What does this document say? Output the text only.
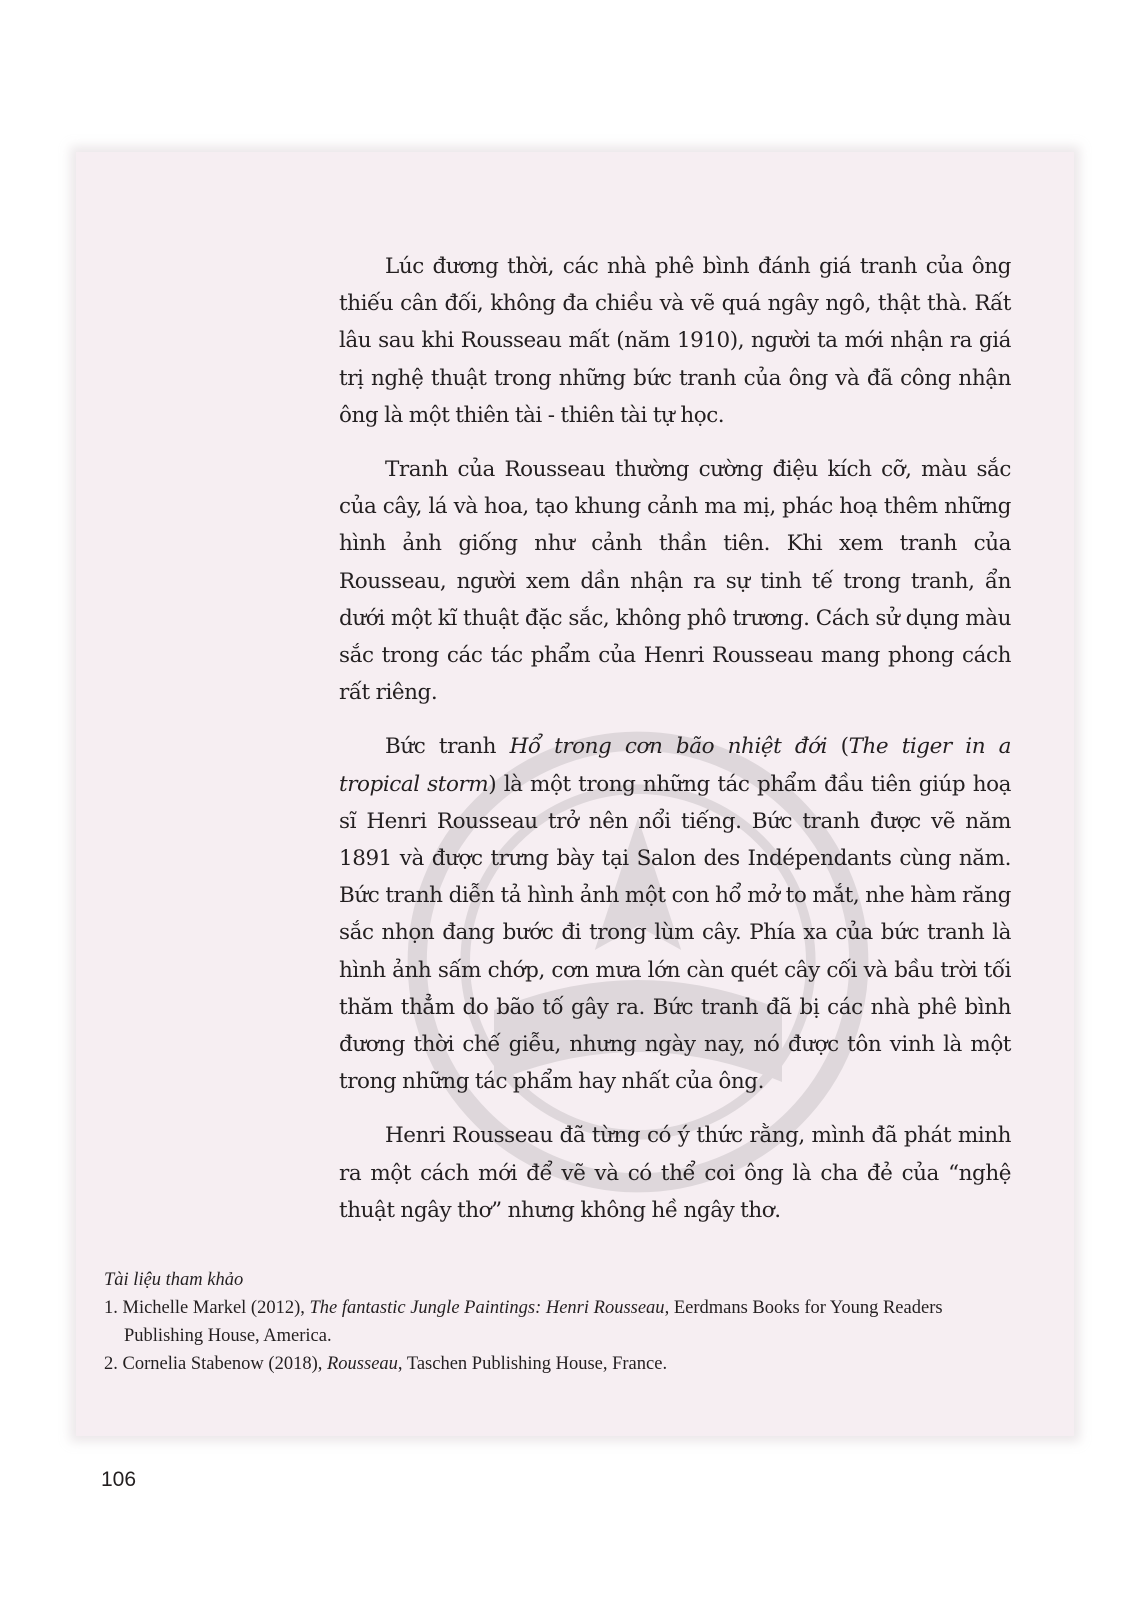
Lúc đương thời, các nhà phê bình đánh giá tranh của ông thiếu cân đối, không đa chiều và vẽ quá ngây ngô, thật thà. Rất lâu sau khi Rousseau mất (năm 1910), người ta mới nhận ra giá trị nghệ thuật trong những bức tranh của ông và đã công nhận ông là một thiên tài - thiên tài tự học.

Tranh của Rousseau thường cường điệu kích cỡ, màu sắc của cây, lá và hoa, tạo khung cảnh ma mị, phác hoạ thêm những hình ảnh giống như cảnh thần tiên. Khi xem tranh của Rousseau, người xem dần nhận ra sự tinh tế trong tranh, ẩn dưới một kĩ thuật đặc sắc, không phô trương. Cách sử dụng màu sắc trong các tác phẩm của Henri Rousseau mang phong cách rất riêng.

Bức tranh Hổ trong cơn bão nhiệt đới (The tiger in a tropical storm) là một trong những tác phẩm đầu tiên giúp hoạ sĩ Henri Rousseau trở nên nổi tiếng. Bức tranh được vẽ năm 1891 và được trưng bày tại Salon des Indépendants cùng năm. Bức tranh diễn tả hình ảnh một con hổ mở to mắt, nhe hàm răng sắc nhọn đang bước đi trong lùm cây. Phía xa của bức tranh là hình ảnh sấm chớp, cơn mưa lớn càn quét cây cối và bầu trời tối thăm thẳm do bão tố gây ra. Bức tranh đã bị các nhà phê bình đương thời chế giễu, nhưng ngày nay, nó được tôn vinh là một trong những tác phẩm hay nhất của ông.

Henri Rousseau đã từng có ý thức rằng, mình đã phát minh ra một cách mới để vẽ và có thể coi ông là cha đẻ của “nghệ thuật ngây thơ” nhưng không hề ngây thơ.

Tài liệu tham khảo

1. Michelle Markel (2012), The fantastic Jungle Paintings: Henri Rousseau, Eerdmans Books for Young Readers Publishing House, America.
2. Cornelia Stabenow (2018), Rousseau, Taschen Publishing House, France.
106
